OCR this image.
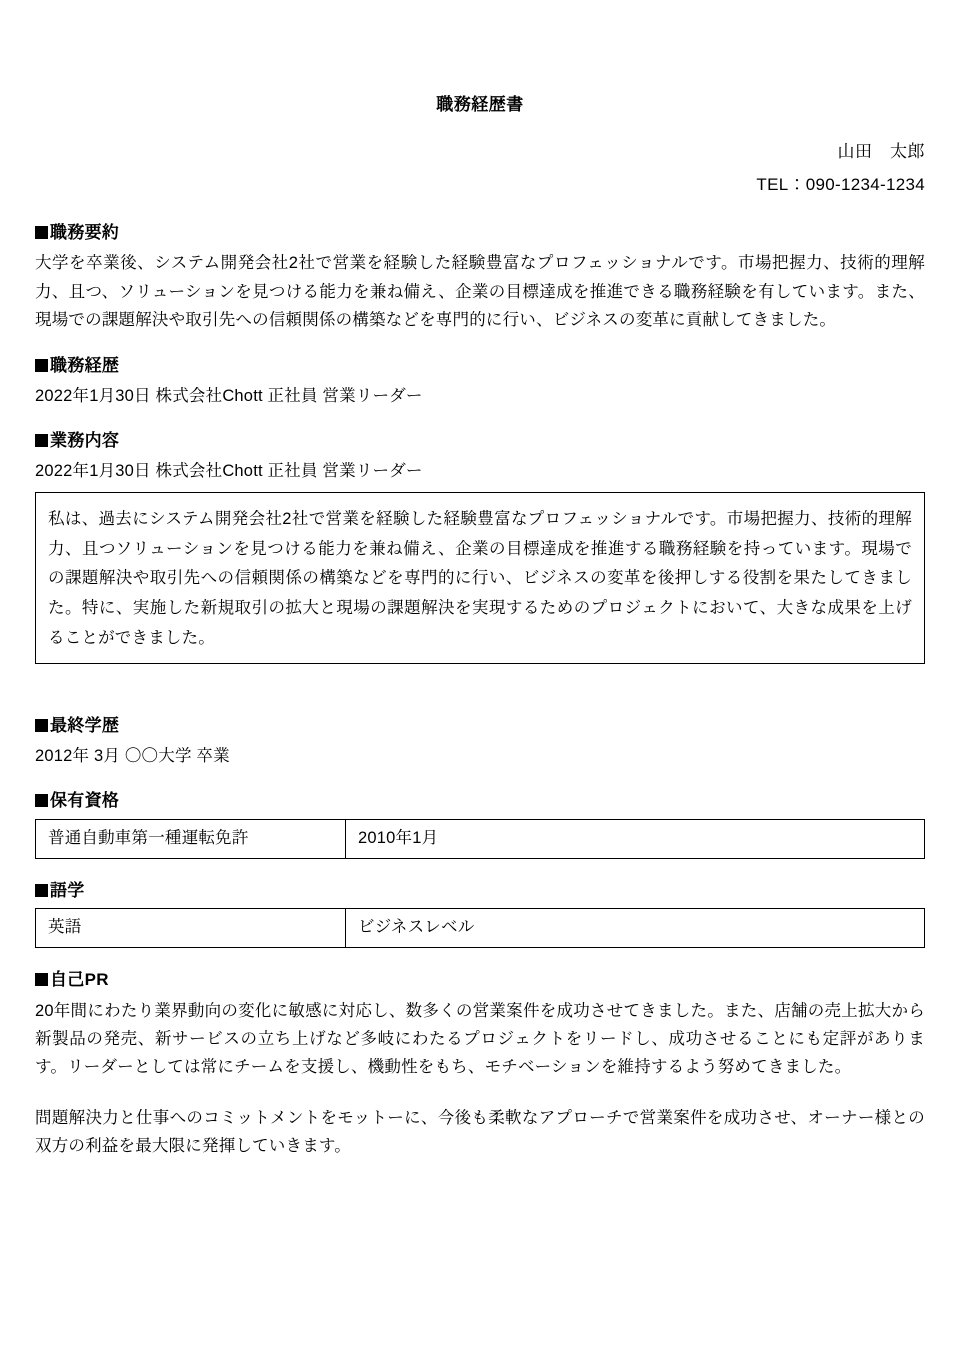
職務経歴書
山田　太郎
TEL：090-1234-1234
職務要約
大学を卒業後、システム開発会社2社で営業を経験した経験豊富なプロフェッショナルです。市場把握力、技術的理解力、且つ、ソリューションを見つける能力を兼ね備え、企業の目標達成を推進できる職務経験を有しています。また、現場での課題解決や取引先への信頼関係の構築などを専門的に行い、ビジネスの変革に貢献してきました。
職務経歴
2022年1月30日 株式会社Chott 正社員 営業リーダー
業務内容
2022年1月30日 株式会社Chott 正社員 営業リーダー
私は、過去にシステム開発会社2社で営業を経験した経験豊富なプロフェッショナルです。市場把握力、技術的理解力、且つソリューションを見つける能力を兼ね備え、企業の目標達成を推進する職務経験を持っています。現場での課題解決や取引先への信頼関係の構築などを専門的に行い、ビジネスの変革を後押しする役割を果たしてきました。特に、実施した新規取引の拡大と現場の課題解決を実現するためのプロジェクトにおいて、大きな成果を上げることができました。
最終学歴
2012年 3月 〇〇大学 卒業
保有資格
普通自動車第一種運転免許	2010年1月
語学
英語	ビジネスレベル
自己PR
20年間にわたり業界動向の変化に敏感に対応し、数多くの営業案件を成功させてきました。また、店舗の売上拡大から新製品の発売、新サービスの立ち上げなど多岐にわたるプロジェクトをリードし、成功させることにも定評があります。リーダーとしては常にチームを支援し、機動性をもち、モチベーションを維持するよう努めてきました。
問題解決力と仕事へのコミットメントをモットーに、今後も柔軟なアプローチで営業案件を成功させ、オーナー様との双方の利益を最大限に発揮していきます。
